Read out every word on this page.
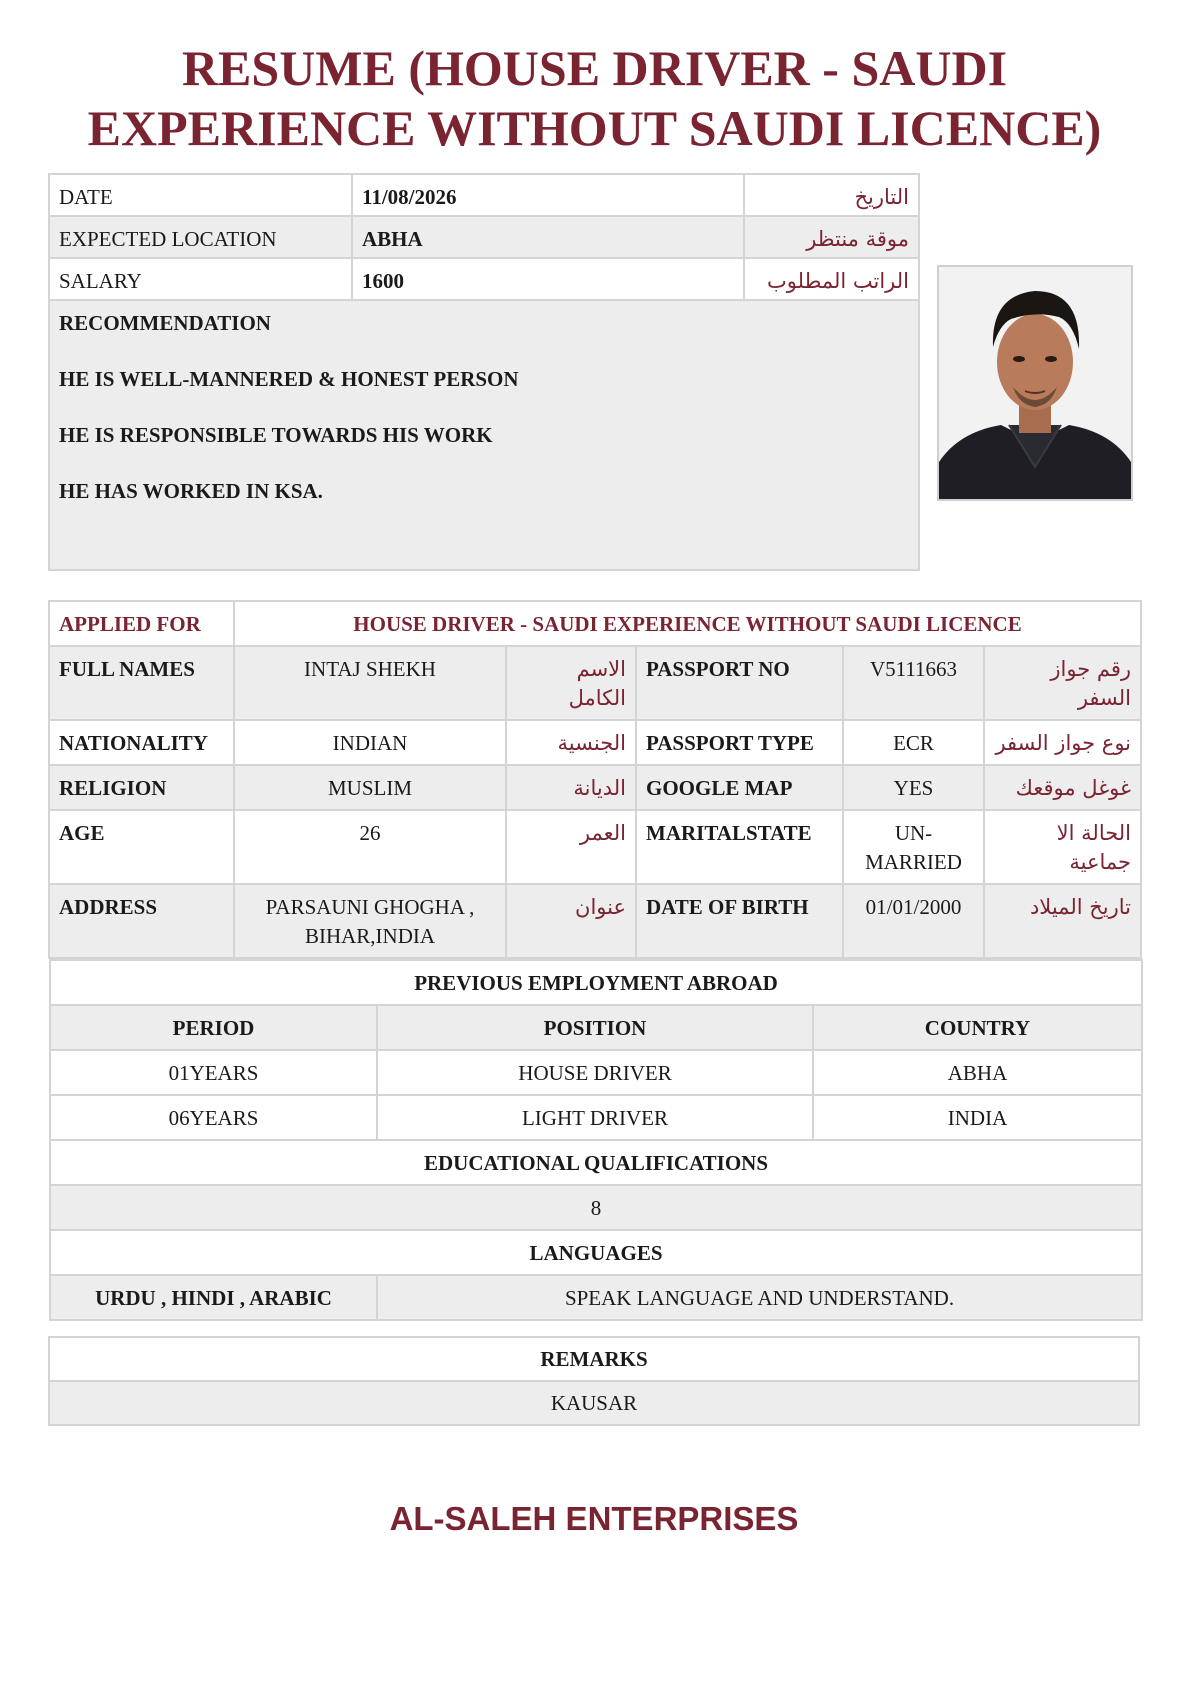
RESUME (HOUSE DRIVER - SAUDI EXPERIENCE WITHOUT SAUDI LICENCE)
DATE	11/08/2026	التاريخ
EXPECTED LOCATION	ABHA	موقة منتظر
SALARY	1600	الراتب المطلوب

RECOMMENDATION
HE IS WELL-MANNERED & HONEST PERSON
HE IS RESPONSIBLE TOWARDS HIS WORK
HE HAS WORKED IN KSA.		
APPLIED FOR	HOUSE DRIVER - SAUDI EXPERIENCE WITHOUT SAUDI LICENCE
FULL NAMES	INTAJ SHEKH	الاسم الكامل	PASSPORT NO	V5111663	رقم جواز السفر
NATIONALITY	INDIAN	الجنسية	PASSPORT TYPE	ECR	نوع جواز السفر
RELIGION	MUSLIM	الديانة	GOOGLE MAP	YES	غوغل موقعك
AGE	26	العمر	MARITALSTATE	UN-MARRIED	الحالة الا جماعية
ADDRESS	PARSAUNI GHOGHA , BIHAR,INDIA	عنوان	DATE OF BIRTH	01/01/2000	تاريخ الميلاد

PREVIOUS EMPLOYMENT ABROAD
PERIOD	POSITION	COUNTRY
01YEARS	HOUSE DRIVER	ABHA
06YEARS	LIGHT DRIVER	INDIA
EDUCATIONAL QUALIFICATIONS
8
LANGUAGES
URDU , HINDI , ARABIC	SPEAK LANGUAGE AND UNDERSTAND.
REMARKS
KAUSAR
AL-SALEH ENTERPRISES
